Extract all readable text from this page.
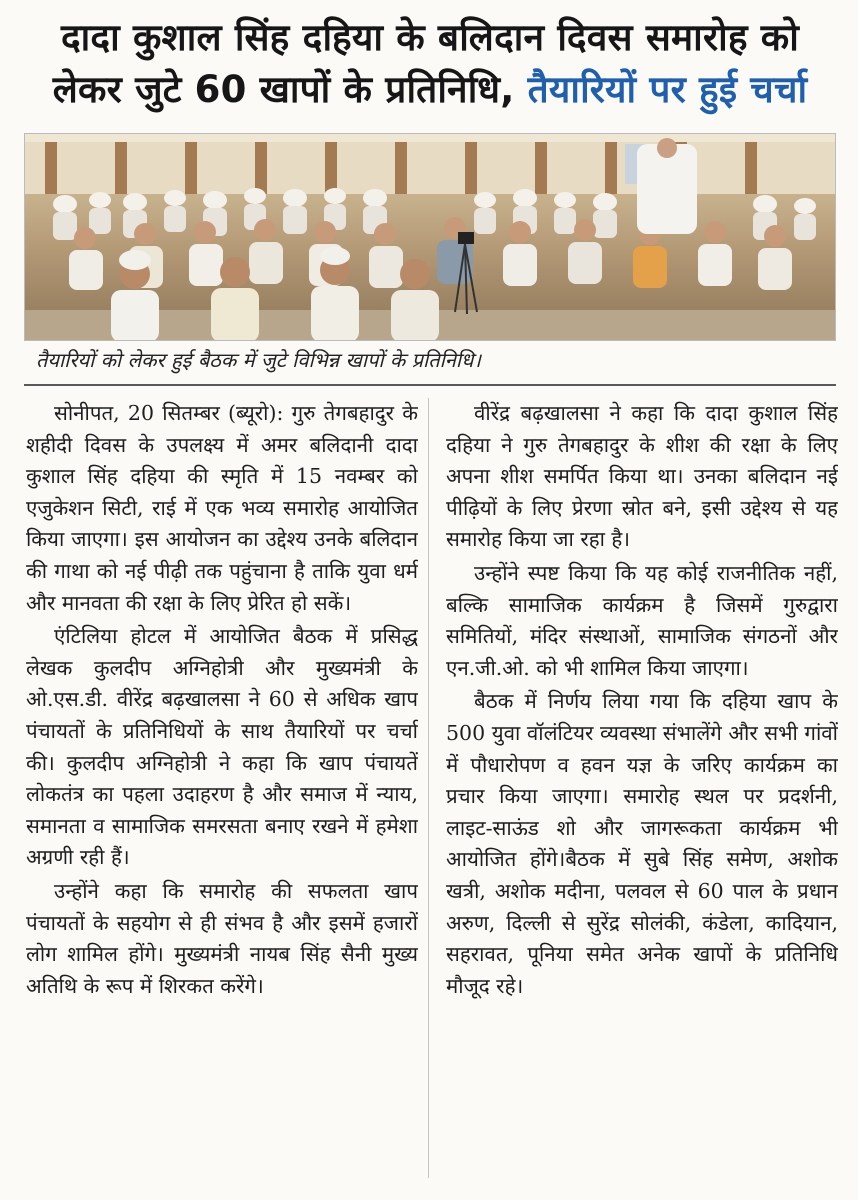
दादा कुशाल सिंह दहिया के बलिदान दिवस समारोह को लेकर जुटे 60 खापों के प्रतिनिधि, तैयारियों पर हुई चर्चा

तैयारियों को लेकर हुई बैठक में जुटे विभिन्न खापों के प्रतिनिधि।

सोनीपत, 20 सितम्बर (ब्यूरो): गुरु तेगबहादुर के शहीदी दिवस के उपलक्ष्य में अमर बलिदानी दादा कुशाल सिंह दहिया की स्मृति में 15 नवम्बर को एजुकेशन सिटी, राई में एक भव्य समारोह आयोजित किया जाएगा। इस आयोजन का उद्देश्य उनके बलिदान की गाथा को नई पीढ़ी तक पहुंचाना है ताकि युवा धर्म और मानवता की रक्षा के लिए प्रेरित हो सकें।

एंटिलिया होटल में आयोजित बैठक में प्रसिद्ध लेखक कुलदीप अग्निहोत्री और मुख्यमंत्री के ओ.एस.डी. वीरेंद्र बढ़खालसा ने 60 से अधिक खाप पंचायतों के प्रतिनिधियों के साथ तैयारियों पर चर्चा की। कुलदीप अग्निहोत्री ने कहा कि खाप पंचायतें लोकतंत्र का पहला उदाहरण है और समाज में न्याय, समानता व सामाजिक समरसता बनाए रखने में हमेशा अग्रणी रही हैं।

उन्होंने कहा कि समारोह की सफलता खाप पंचायतों के सहयोग से ही संभव है और इसमें हजारों लोग शामिल होंगे। मुख्यमंत्री नायब सिंह सैनी मुख्य अतिथि के रूप में शिरकत करेंगे।

वीरेंद्र बढ़खालसा ने कहा कि दादा कुशाल सिंह दहिया ने गुरु तेगबहादुर के शीश की रक्षा के लिए अपना शीश समर्पित किया था। उनका बलिदान नई पीढ़ियों के लिए प्रेरणा स्रोत बने, इसी उद्देश्य से यह समारोह किया जा रहा है।

उन्होंने स्पष्ट किया कि यह कोई राजनीतिक नहीं, बल्कि सामाजिक कार्यक्रम है जिसमें गुरुद्वारा समितियों, मंदिर संस्थाओं, सामाजिक संगठनों और एन.जी.ओ. को भी शामिल किया जाएगा।

बैठक में निर्णय लिया गया कि दहिया खाप के 500 युवा वॉलंटियर व्यवस्था संभालेंगे और सभी गांवों में पौधारोपण व हवन यज्ञ के जरिए कार्यक्रम का प्रचार किया जाएगा। समारोह स्थल पर प्रदर्शनी, लाइट-साऊंड शो और जागरूकता कार्यक्रम भी आयोजित होंगे।बैठक में सुबे सिंह समेण, अशोक खत्री, अशोक मदीना, पलवल से 60 पाल के प्रधान अरुण, दिल्ली से सुरेंद्र सोलंकी, कंडेला, कादियान, सहरावत, पूनिया समेत अनेक खापों के प्रतिनिधि मौजूद रहे।
